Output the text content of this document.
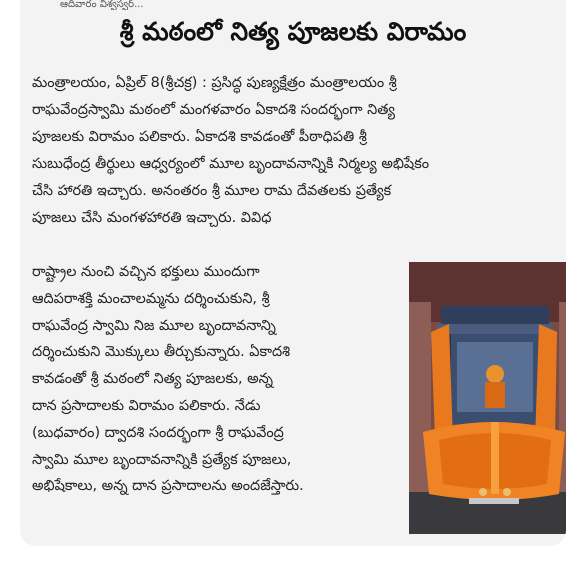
ఆదివారం విశ్వస్వర్...
శ్రీ మఠంలో నిత్య పూజలకు విరామం
మంత్రాలయం, ఏప్రిల్ 8(శ్రీచక్ర) : ప్రసిద్ధ పుణ్యక్షేత్రం మంత్రాలయం శ్రీ
రాఘవేంద్రస్వామి మఠంలో మంగళవారం ఏకాదశి సందర్భంగా నిత్య
పూజలకు విరామం పలికారు. ఏకాదశి కావడంతో పీఠాధిపతి శ్రీ
సుబుధేంద్ర తీర్థులు ఆధ్వర్యంలో మూల బృందావనాన్నికి నిర్మల్య అభిషేకం
చేసి హారతి ఇచ్చారు. అనంతరం శ్రీ మూల రామ దేవతలకు ప్రత్యేక
పూజలు చేసి మంగళహారతి ఇచ్చారు. వివిధ
రాష్ట్రాల నుంచి వచ్చిన భక్తులు ముందుగా
ఆదిపరాశక్తి మంచాలమ్మను దర్శించుకుని, శ్రీ
రాఘవేంద్ర స్వామి నిజ మూల బృందావనాన్ని
దర్శించుకుని మొక్కులు తీర్చుకున్నారు. ఏకాదశి
కావడంతో శ్రీ మఠంలో నిత్య పూజలకు, అన్న
దాన ప్రసాదాలకు విరామం పలికారు. నేడు
(బుధవారం) ద్వాదశి సందర్భంగా శ్రీ రాఘవేంద్ర
స్వామి మూల బృందావనాన్నికి ప్రత్యేక పూజలు,
అభిషేకాలు, అన్న దాన ప్రసాదాలను అందజేస్తారు.
